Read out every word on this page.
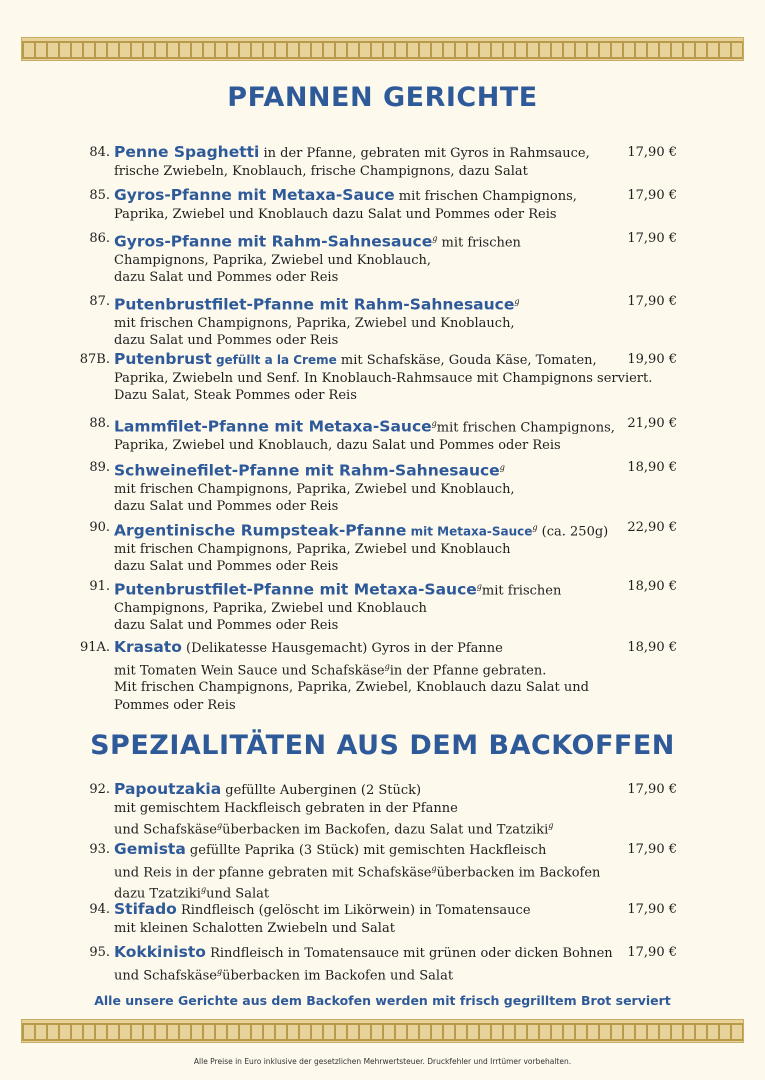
PFANNEN GERICHTE
84. Penne Spaghetti in der Pfanne, gebraten mit Gyros in Rahmsauce,
frische Zwiebeln, Knoblauch, frische Champignons, dazu Salat
17,90 €
85. Gyros-Pfanne mit Metaxa-Sauce mit frischen Champignons,
Paprika, Zwiebel und Knoblauch dazu Salat und Pommes oder Reis
17,90 €
86. Gyros-Pfanne mit Rahm-Sahnesauce$^g$ mit frischen
Champignons, Paprika, Zwiebel und Knoblauch,
dazu Salat und Pommes oder Reis
17,90 €
87. Putenbrustfilet-Pfanne mit Rahm-Sahnesauce$^g$
mit frischen Champignons, Paprika, Zwiebel und Knoblauch,
dazu Salat und Pommes oder Reis
17,90 €
87B. Putenbrust gefüllt a la Creme mit Schafskäse, Gouda Käse, Tomaten,
Paprika, Zwiebeln und Senf. In Knoblauch-Rahmsauce mit Champignons serviert.
Dazu Salat, Steak Pommes oder Reis
19,90 €
88. Lammfilet-Pfanne mit Metaxa-Sauce$^g$mit frischen Champignons,
Paprika, Zwiebel und Knoblauch, dazu Salat und Pommes oder Reis
21,90 €
89. Schweinefilet-Pfanne mit Rahm-Sahnesauce$^g$
mit frischen Champignons, Paprika, Zwiebel und Knoblauch,
dazu Salat und Pommes oder Reis
18,90 €
90. Argentinische Rumpsteak-Pfanne mit Metaxa-Sauce$^g$ (ca. 250g)
mit frischen Champignons, Paprika, Zwiebel und Knoblauch
dazu Salat und Pommes oder Reis
22,90 €
91. Putenbrustfilet-Pfanne mit Metaxa-Sauce$^g$mit frischen
Champignons, Paprika, Zwiebel und Knoblauch
dazu Salat und Pommes oder Reis
18,90 €
91A. Krasato (Delikatesse Hausgemacht) Gyros in der Pfanne
mit Tomaten Wein Sauce und Schafskäse$^g$in der Pfanne gebraten.
Mit frischen Champignons, Paprika, Zwiebel, Knoblauch dazu Salat und
Pommes oder Reis
18,90 €
SPEZIALITÄTEN AUS DEM BACKOFFEN
92. Papoutzakia gefüllte Auberginen (2 Stück)
mit gemischtem Hackfleisch gebraten in der Pfanne
und Schafskäse$^g$überbacken im Backofen, dazu Salat und Tzatziki$^g$
17,90 €
93. Gemista gefüllte Paprika (3 Stück) mit gemischten Hackfleisch
und Reis in der pfanne gebraten mit Schafskäse$^g$überbacken im Backofen
dazu Tzatziki$^g$und Salat
17,90 €
94. Stifado Rindfleisch (gelöscht im Likörwein) in Tomatensauce
mit kleinen Schalotten Zwiebeln und Salat
17,90 €
95. Kokkinisto Rindfleisch in Tomatensauce mit grünen oder dicken Bohnen
und Schafskäse$^g$überbacken im Backofen und Salat
17,90 €
Alle unsere Gerichte aus dem Backofen werden mit frisch gegrilltem Brot serviert
Alle Preise in Euro inklusive der gesetzlichen Mehrwertsteuer. Druckfehler und Irrtümer vorbehalten.
